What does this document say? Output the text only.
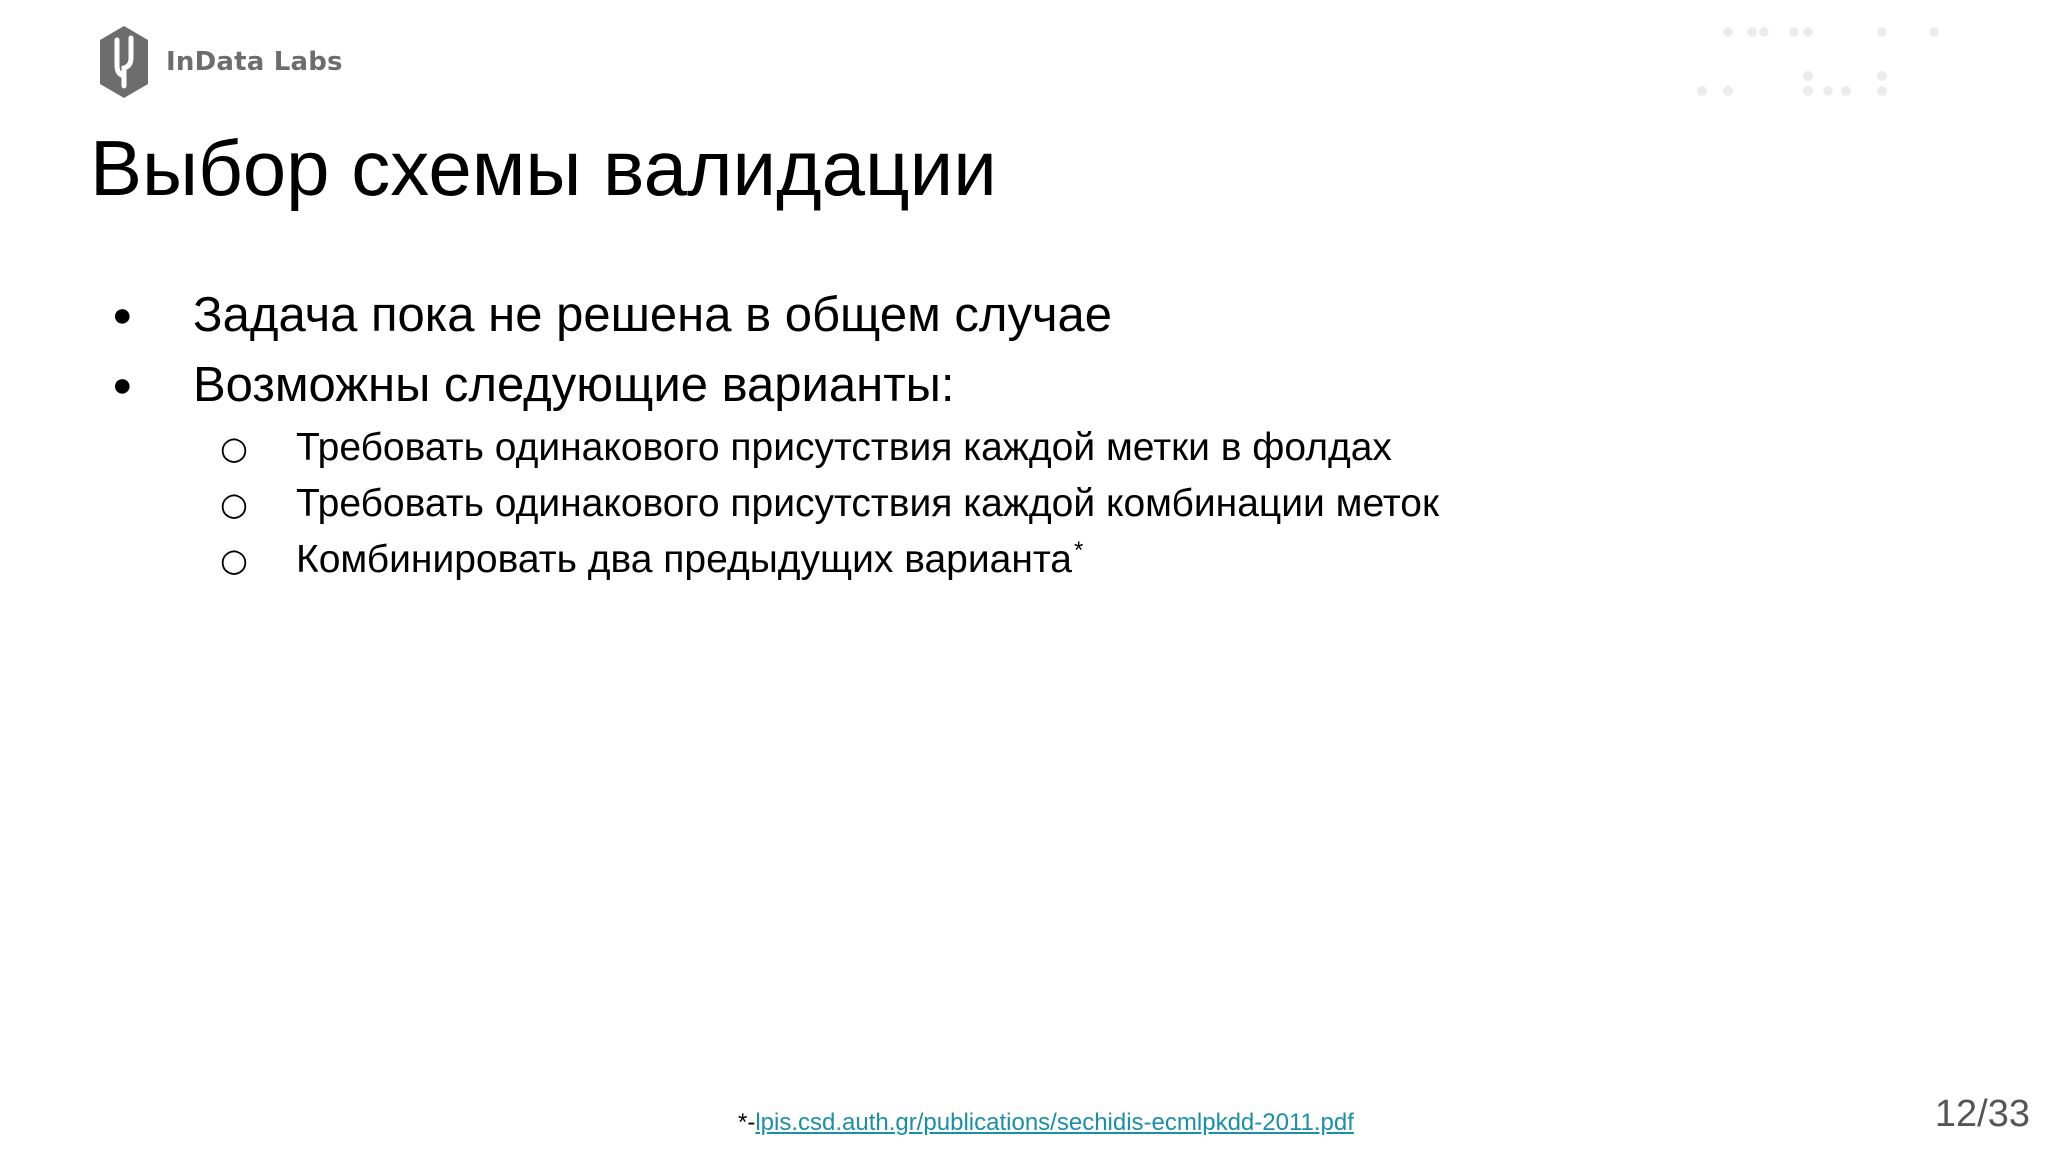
InData Labs
Выбор схемы валидации
● Задача пока не решена в общем случае
● Возможны следующие варианты:
○ Требовать одинакового присутствия каждой метки в фолдах
○ Требовать одинакового присутствия каждой комбинации меток
○ Комбинировать два предыдущих варианта*
*-lpis.csd.auth.gr/publications/sechidis-ecmlpkdd-2011.pdf	12/33
